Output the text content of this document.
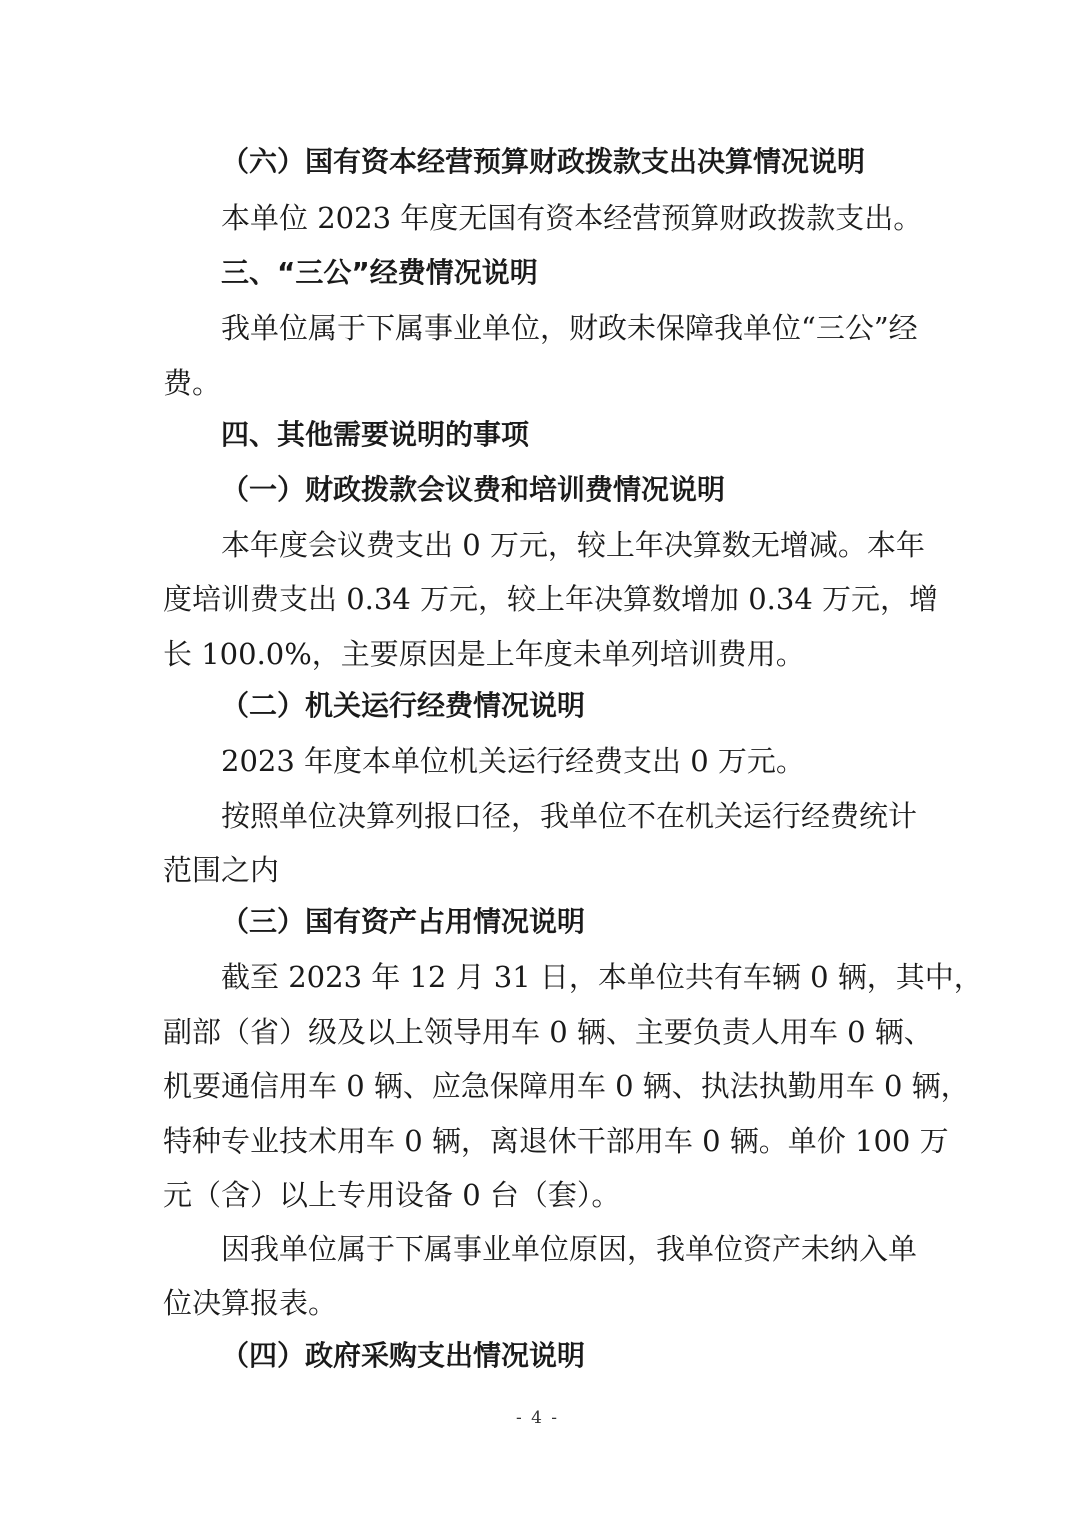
（六）国有资本经营预算财政拨款支出决算情况说明
本单位 2023 年度无国有资本经营预算财政拨款支出。
三、“三公”经费情况说明
我单位属于下属事业单位，财政未保障我单位“三公”经
费。
四、其他需要说明的事项
（一）财政拨款会议费和培训费情况说明
本年度会议费支出 0 万元，较上年决算数无增减。本年
度培训费支出 0.34 万元，较上年决算数增加 0.34 万元，增
长 100.0%，主要原因是上年度未单列培训费用。
（二）机关运行经费情况说明
2023 年度本单位机关运行经费支出 0 万元。
按照单位决算列报口径，我单位不在机关运行经费统计
范围之内
（三）国有资产占用情况说明
截至 2023 年 12 月 31 日，本单位共有车辆 0 辆，其中，
副部（省）级及以上领导用车 0 辆、主要负责人用车 0 辆、
机要通信用车 0 辆、应急保障用车 0 辆、执法执勤用车 0 辆，
特种专业技术用车 0 辆，离退休干部用车 0 辆。单价 100 万
元（含）以上专用设备 0 台（套）。
因我单位属于下属事业单位原因，我单位资产未纳入单
位决算报表。
（四）政府采购支出情况说明
- 4 -
